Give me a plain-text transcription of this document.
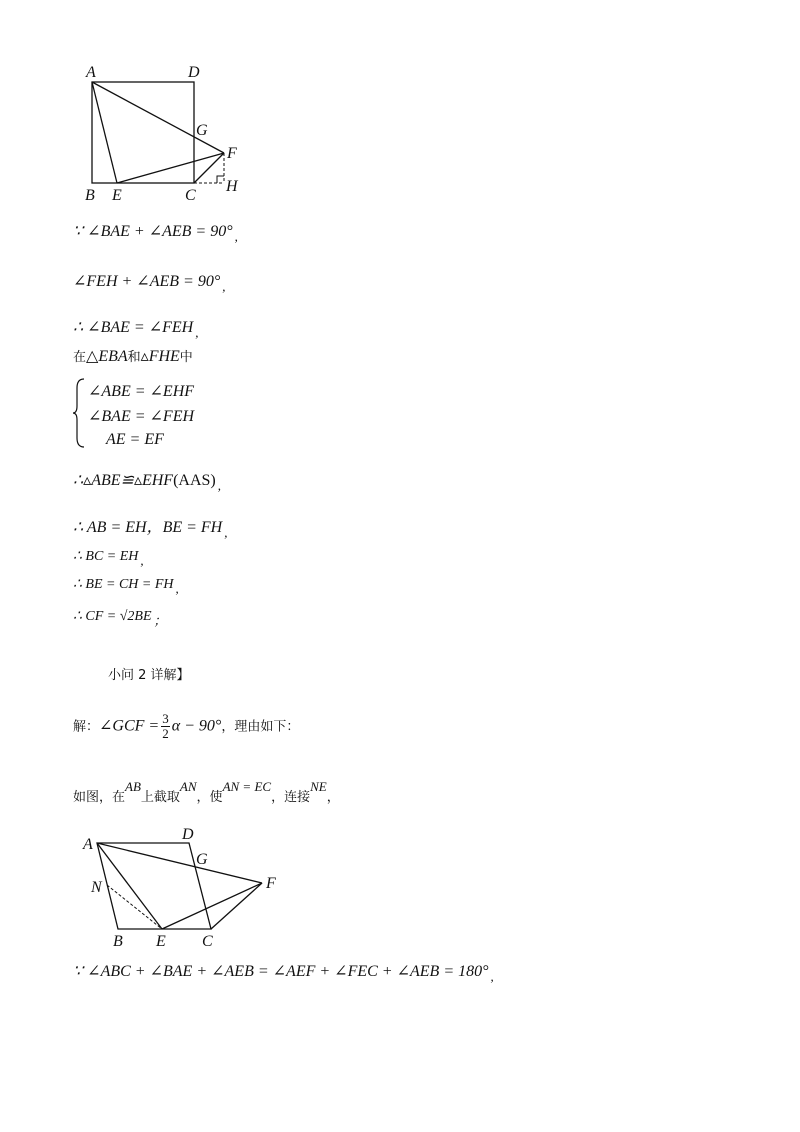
A	D
G
F
B E	C
H
∵ ∠BAE + ∠AEB = 90° $_,$
∠FEH + ∠AEB = 90° $_,$
∴ ∠BAE = ∠FEH $_,$
在△EBA和▵FHE中
∠ABE = ∠EHF
∠BAE = ∠FEH
AE = EF
∴▵ABE≌▵EHF(AAS) $_,$
∴ AB = EH，BE = FH $_,$
∴ BC = EH ,
∴ BE = CH = FH ,
∴ CF = √2BE ；
小问 2 详解】
解：∠GCF = $\frac{3}{2}$ α − 90°，理由如下：
如图，在AB上截取AN，使AN = EC，连接NE，
A
D
G
F
N
B E C
∵ ∠ABC + ∠BAE + ∠AEB = ∠AEF + ∠FEC + ∠AEB = 180° $_,$
